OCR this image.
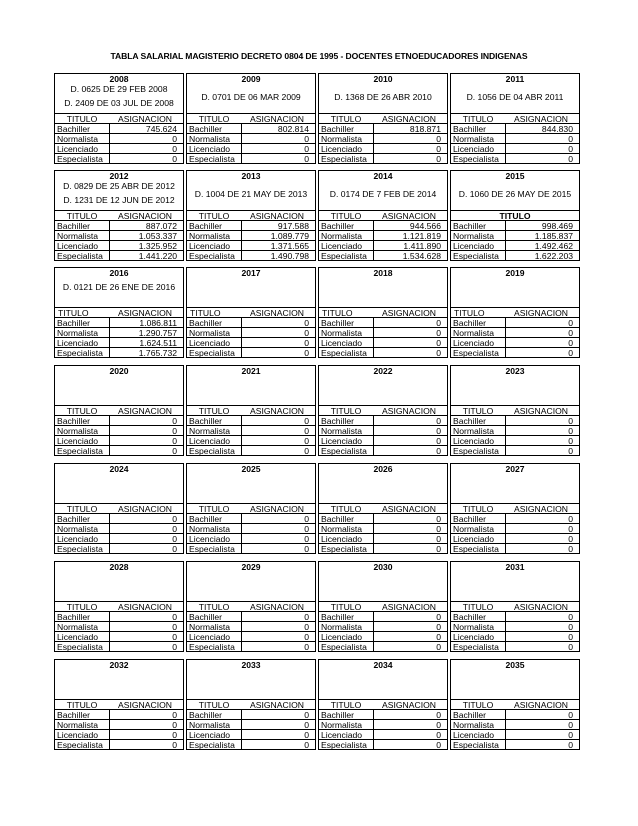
TABLA SALARIAL MAGISTERIO DECRETO 0804 DE 1995 - DOCENTES ETNOEDUCADORES INDIGENAS
2008
D. 0625 DE 29 FEB 2008
D. 2409 DE 03 JUL DE 2008
TITULO	ASIGNACION
Bachiller	745.624
Normalista	0
Licenciado	0
Especialista	0
2009
D. 0701 DE 06 MAR 2009
TITULO	ASIGNACION
Bachiller	802.814
Normalista	0
Licenciado	0
Especialista	0
2010
D. 1368 DE 26 ABR 2010
TITULO	ASIGNACION
Bachiller	818.871
Normalista	0
Licenciado	0
Especialista	0
2011
D. 1056 DE 04 ABR 2011
TITULO	ASIGNACION
Bachiller	844.830
Normalista	0
Licenciado	0
Especialista	0
2012
D. 0829 DE 25 ABR DE 2012
D. 1231 DE 12 JUN DE 2012
TITULO	ASIGNACION
Bachiller	887.072
Normalista	1.053.337
Licenciado	1.325.952
Especialista	1.441.220
2013
D. 1004 DE 21 MAY DE 2013
TITULO	ASIGNACION
Bachiller	917.588
Normalista	1.089.779
Licenciado	1.371.565
Especialista	1.490.798
2014
D. 0174 DE 7 FEB DE 2014
TITULO	ASIGNACION
Bachiller	944.566
Normalista	1.121.819
Licenciado	1.411.890
Especialista	1.534.628
2015
D. 1060 DE 26 MAY DE 2015
TITULO
Bachiller	998.469
Normalista	1.185.837
Licenciado	1.492.462
Especialista	1.622.203
2016
D. 0121 DE 26 ENE DE 2016
TITULO	ASIGNACION
Bachiller	1.086.811
Normalista	1.290.757
Licenciado	1.624.511
Especialista	1.765.732
2017
TITULO	ASIGNACION
Bachiller	0
Normalista	0
Licenciado	0
Especialista	0
2018
TITULO	ASIGNACION
Bachiller	0
Normalista	0
Licenciado	0
Especialista	0
2019
TITULO	ASIGNACION
Bachiller	0
Normalista	0
Licenciado	0
Especialista	0
2020
TITULO	ASIGNACION
Bachiller	0
Normalista	0
Licenciado	0
Especialista	0
2021
TITULO	ASIGNACION
Bachiller	0
Normalista	0
Licenciado	0
Especialista	0
2022
TITULO	ASIGNACION
Bachiller	0
Normalista	0
Licenciado	0
Especialista	0
2023
TITULO	ASIGNACION
Bachiller	0
Normalista	0
Licenciado	0
Especialista	0
2024
TITULO	ASIGNACION
Bachiller	0
Normalista	0
Licenciado	0
Especialista	0
2025
TITULO	ASIGNACION
Bachiller	0
Normalista	0
Licenciado	0
Especialista	0
2026
TITULO	ASIGNACION
Bachiller	0
Normalista	0
Licenciado	0
Especialista	0
2027
TITULO	ASIGNACION
Bachiller	0
Normalista	0
Licenciado	0
Especialista	0
2028
TITULO	ASIGNACION
Bachiller	0
Normalista	0
Licenciado	0
Especialista	0
2029
TITULO	ASIGNACION
Bachiller	0
Normalista	0
Licenciado	0
Especialista	0
2030
TITULO	ASIGNACION
Bachiller	0
Normalista	0
Licenciado	0
Especialista	0
2031
TITULO	ASIGNACION
Bachiller	0
Normalista	0
Licenciado	0
Especialista	0
2032
TITULO	ASIGNACION
Bachiller	0
Normalista	0
Licenciado	0
Especialista	0
2033
TITULO	ASIGNACION
Bachiller	0
Normalista	0
Licenciado	0
Especialista	0
2034
TITULO	ASIGNACION
Bachiller	0
Normalista	0
Licenciado	0
Especialista	0
2035
TITULO	ASIGNACION
Bachiller	0
Normalista	0
Licenciado	0
Especialista	0
